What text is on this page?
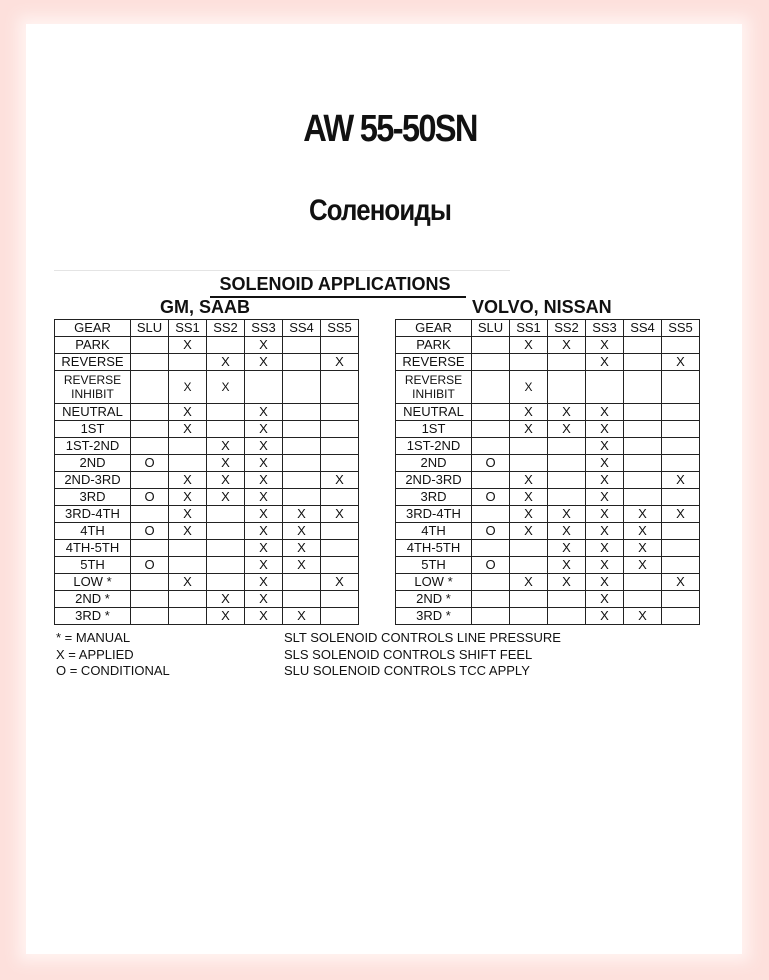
AW 55-50SN
Соленоиды
SOLENOID APPLICATIONS
GM, SAAB	VOLVO, NISSAN
GEAR	SLU	SS1	SS2	SS3	SS4	SS5
PARK		X		X		
REVERSE			X	X		X
REVERSE INHIBIT		X	X			
NEUTRAL		X		X		
1ST		X		X		
1ST-2ND			X	X		
2ND	O		X	X		
2ND-3RD		X	X	X		X
3RD	O	X	X	X		
3RD-4TH		X		X	X	X
4TH	O	X		X	X	
4TH-5TH				X	X	
5TH	O			X	X	
LOW *		X		X		X
2ND *			X	X		
3RD *			X	X	X	
GEAR	SLU	SS1	SS2	SS3	SS4	SS5
PARK		X	X	X		
REVERSE				X		X
REVERSE INHIBIT		X				
NEUTRAL		X	X	X		
1ST		X	X	X		
1ST-2ND				X		
2ND	O			X		
2ND-3RD		X		X		X
3RD	O	X		X		
3RD-4TH		X	X	X	X	X
4TH	O	X	X	X	X	
4TH-5TH			X	X	X	
5TH	O		X	X	X	
LOW *		X	X	X		X
2ND *				X		
3RD *				X	X	
* = MANUAL
X = APPLIED
O = CONDITIONAL
SLT SOLENOID CONTROLS LINE PRESSURE
SLS SOLENOID CONTROLS SHIFT FEEL
SLU SOLENOID CONTROLS TCC APPLY
